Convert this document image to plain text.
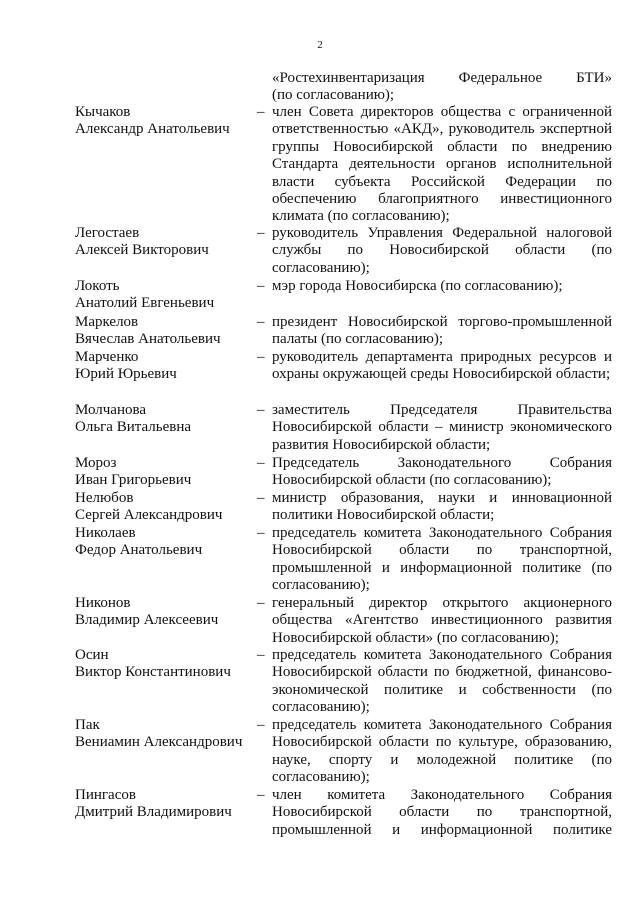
2
«Ростехинвентаризация Федеральное БТИ»
(по согласованию);
Кычаков
Александр Анатольевич
– член Совета директоров общества с ограниченной ответственностью «АКД», руководитель экспертной группы Новосибирской области по внедрению Стандарта деятельности органов исполнительной власти субъекта Российской Федерации по обеспечению благоприятного инвестиционного климата (по согласованию);
Легостаев
Алексей Викторович
– руководитель Управления Федеральной налоговой службы по Новосибирской области (по согласованию);
Локоть
Анатолий Евгеньевич
– мэр города Новосибирска (по согласованию);
Маркелов
Вячеслав Анатольевич
– президент Новосибирской торгово-промышленной палаты (по согласованию);
Марченко
Юрий Юрьевич
– руководитель департамента природных ресурсов и охраны окружающей среды Новосибирской области;
Молчанова
Ольга Витальевна
– заместитель Председателя Правительства Новосибирской области – министр экономического развития Новосибирской области;
Мороз
Иван Григорьевич
– Председатель Законодательного Собрания Новосибирской области (по согласованию);
Нелюбов
Сергей Александрович
– министр образования, науки и инновационной политики Новосибирской области;
Николаев
Федор Анатольевич
– председатель комитета Законодательного Собрания Новосибирской области по транспортной, промышленной и информационной политике (по согласованию);
Никонов
Владимир Алексеевич
– генеральный директор открытого акционерного общества «Агентство инвестиционного развития Новосибирской области» (по согласованию);
Осин
Виктор Константинович
– председатель комитета Законодательного Собрания Новосибирской области по бюджетной, финансово-экономической политике и собственности (по согласованию);
Пак
Вениамин Александрович
– председатель комитета Законодательного Собрания Новосибирской области по культуре, образованию, науке, спорту и молодежной политике (по согласованию);
Пингасов
Дмитрий Владимирович
– член комитета Законодательного Собрания Новосибирской области по транспортной, промышленной и информационной политике
